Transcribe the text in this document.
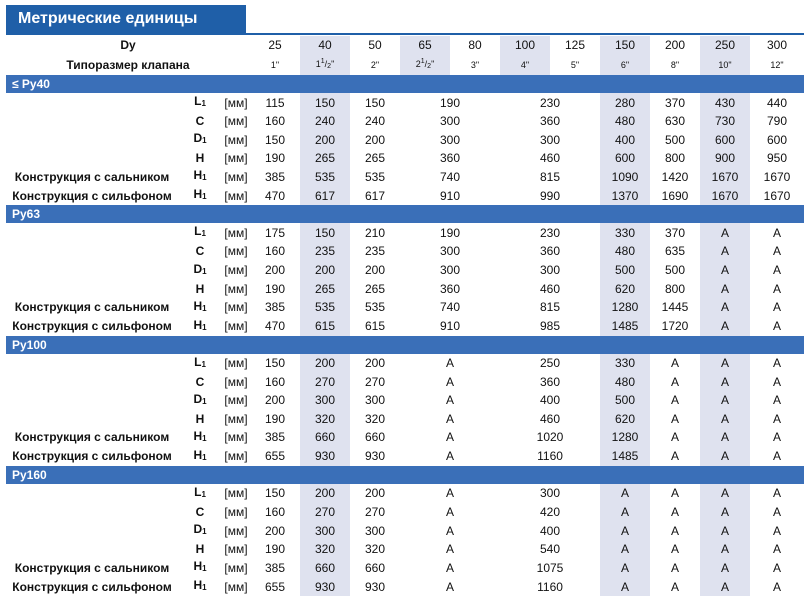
Метрические единицы
Dy			25	40	50	65	80	100	125	150	200	250	300
Типоразмер клапана			1"	$1^1/_2$"	2"	$2^1/_2$"	3"	4"	5"	6"	8"	10"	12"
≤ Py40													
	$L_1$	[мм]	115	150	150	190		230		280	370	430	440
	C	[мм]	160	240	240	300		360		480	630	730	790
	$D_1$	[мм]	150	200	200	300		300		400	500	600	600
	H	[мм]	190	265	265	360		460		600	800	900	950
Конструкция с сальником	$H_1$	[мм]	385	535	535	740		815		1090	1420	1670	1670
Конструкция с сильфоном	$H_1$	[мм]	470	617	617	910		990		1370	1690	1670	1670
Py63													
	$L_1$	[мм]	175	150	210	190		230		330	370	A	A
	C	[мм]	160	235	235	300		360		480	635	A	A
	$D_1$	[мм]	200	200	200	300		300		500	500	A	A
	H	[мм]	190	265	265	360		460		620	800	A	A
Конструкция с сальником	$H_1$	[мм]	385	535	535	740		815		1280	1445	A	A
Конструкция с сильфоном	$H_1$	[мм]	470	615	615	910		985		1485	1720	A	A
Py100													
	$L_1$	[мм]	150	200	200	A		250		330	A	A	A
	C	[мм]	160	270	270	A		360		480	A	A	A
	$D_1$	[мм]	200	300	300	A		400		500	A	A	A
	H	[мм]	190	320	320	A		460		620	A	A	A
Конструкция с сальником	$H_1$	[мм]	385	660	660	A		1020		1280	A	A	A
Конструкция с сильфоном	$H_1$	[мм]	655	930	930	A		1160		1485	A	A	A
Py160													
	$L_1$	[мм]	150	200	200	A		300		A	A	A	A
	C	[мм]	160	270	270	A		420		A	A	A	A
	$D_1$	[мм]	200	300	300	A		400		A	A	A	A
	H	[мм]	190	320	320	A		540		A	A	A	A
Конструкция с сальником	$H_1$	[мм]	385	660	660	A		1075		A	A	A	A
Конструкция с сильфоном	$H_1$	[мм]	655	930	930	A		1160		A	A	A	A
